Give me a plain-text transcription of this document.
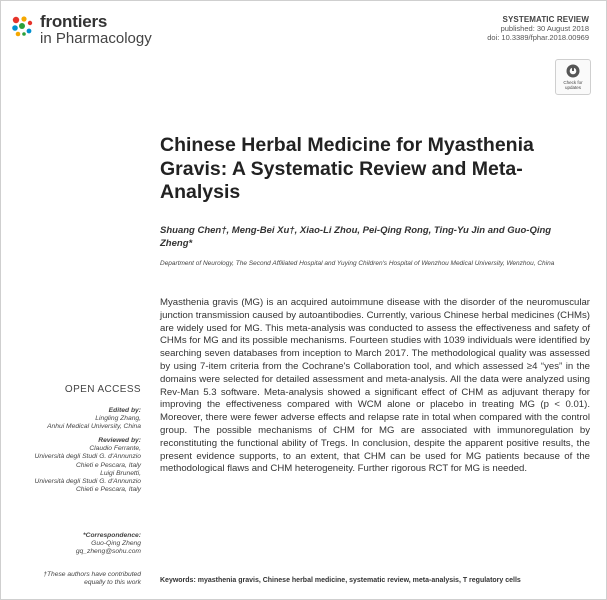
frontiers
in Pharmacology
SYSTEMATIC REVIEW
published: 30 August 2018
doi: 10.3389/fphar.2018.00969
Check for
updates
Chinese Herbal Medicine for Myasthenia Gravis: A Systematic Review and Meta-Analysis
Shuang Chen†, Meng-Bei Xu†, Xiao-Li Zhou, Pei-Qing Rong, Ting-Yu Jin and Guo-Qing Zheng*
Department of Neurology, The Second Affiliated Hospital and Yuying Children's Hospital of Wenzhou Medical University, Wenzhou, China

Myasthenia gravis (MG) is an acquired autoimmune disease with the disorder of the neuromuscular junction transmission caused by autoantibodies. Currently, various Chinese herbal medicines (CHMs) are widely used for MG. This meta-analysis was conducted to assess the effectiveness and safety of CHMs for MG and its possible mechanisms. Fourteen studies with 1039 individuals were identified by searching seven databases from inception to March 2017. The methodological quality was assessed by using 7-item criteria from the Cochrane's Collaboration tool, and which assessed ≥4 “yes” in the domains were selected for detailed assessment and meta-analysis. All the data were analyzed using Rev-Man 5.3 software. Meta-analysis showed a significant effect of CHM as adjuvant therapy for improving the effectiveness compared with WCM alone or placebo in treating MG (p < 0.01). Moreover, there were fewer adverse effects and relapse rate in total when compared with the control group. The possible mechanisms of CHM for MG are associated with immunoregulation by reconstituting the functional ability of Tregs. In conclusion, despite the apparent positive results, the present evidence supports, to an extent, that CHM can be used for MG patients because of the methodological flaws and CHM heterogeneity. Further rigorous RCT for MG is needed.

OPEN ACCESS
Edited by:
Lingling Zhang,
Anhui Medical University, China
Reviewed by:
Claudio Ferrante,
Università degli Studi G. d'Annunzio
Chieti e Pescara, Italy
Luigi Brunetti,
Università degli Studi G. d'Annunzio
Chieti e Pescara, Italy
*Correspondence:
Guo-Qing Zheng
gq_zheng@sohu.com
†These authors have contributed
equally to this work	Keywords: myasthenia gravis, Chinese herbal medicine, systematic review, meta-analysis, T regulatory cells
